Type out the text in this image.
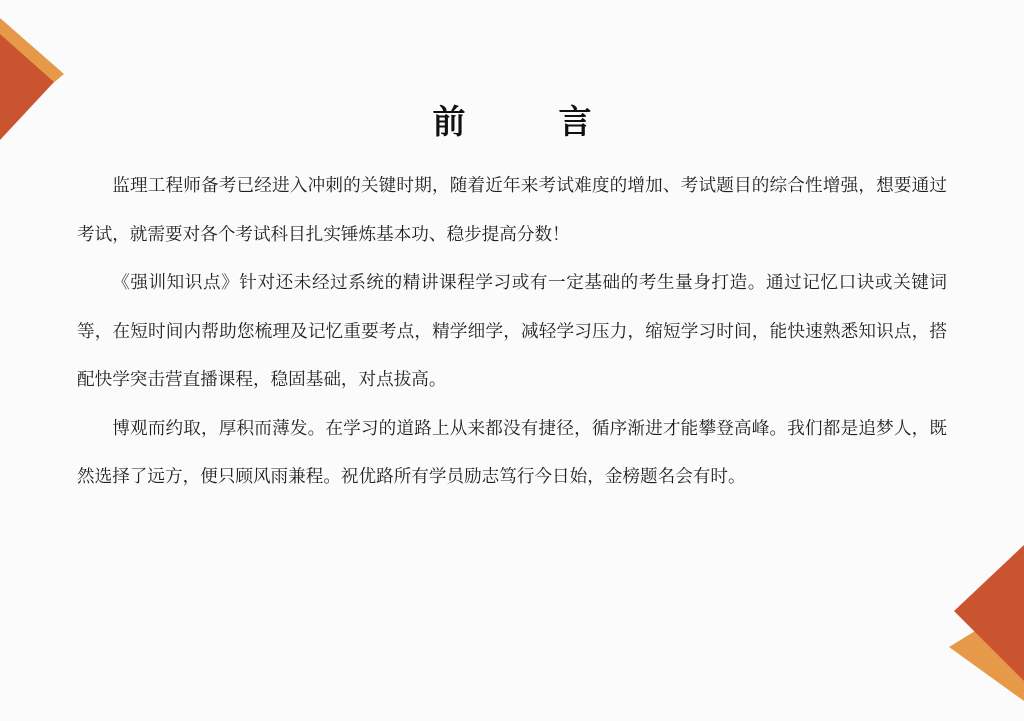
前　言

监理工程师备考已经进入冲刺的关键时期，随着近年来考试难度的增加、考试题目的综合性增强，想要通过考试，就需要对各个考试科目扎实锤炼基本功、稳步提高分数！

《强训知识点》针对还未经过系统的精讲课程学习或有一定基础的考生量身打造。通过记忆口诀或关键词等，在短时间内帮助您梳理及记忆重要考点，精学细学，减轻学习压力，缩短学习时间，能快速熟悉知识点，搭配快学突击营直播课程，稳固基础，对点拔高。

博观而约取，厚积而薄发。在学习的道路上从来都没有捷径，循序渐进才能攀登高峰。我们都是追梦人，既然选择了远方，便只顾风雨兼程。祝优路所有学员励志笃行今日始，金榜题名会有时。
